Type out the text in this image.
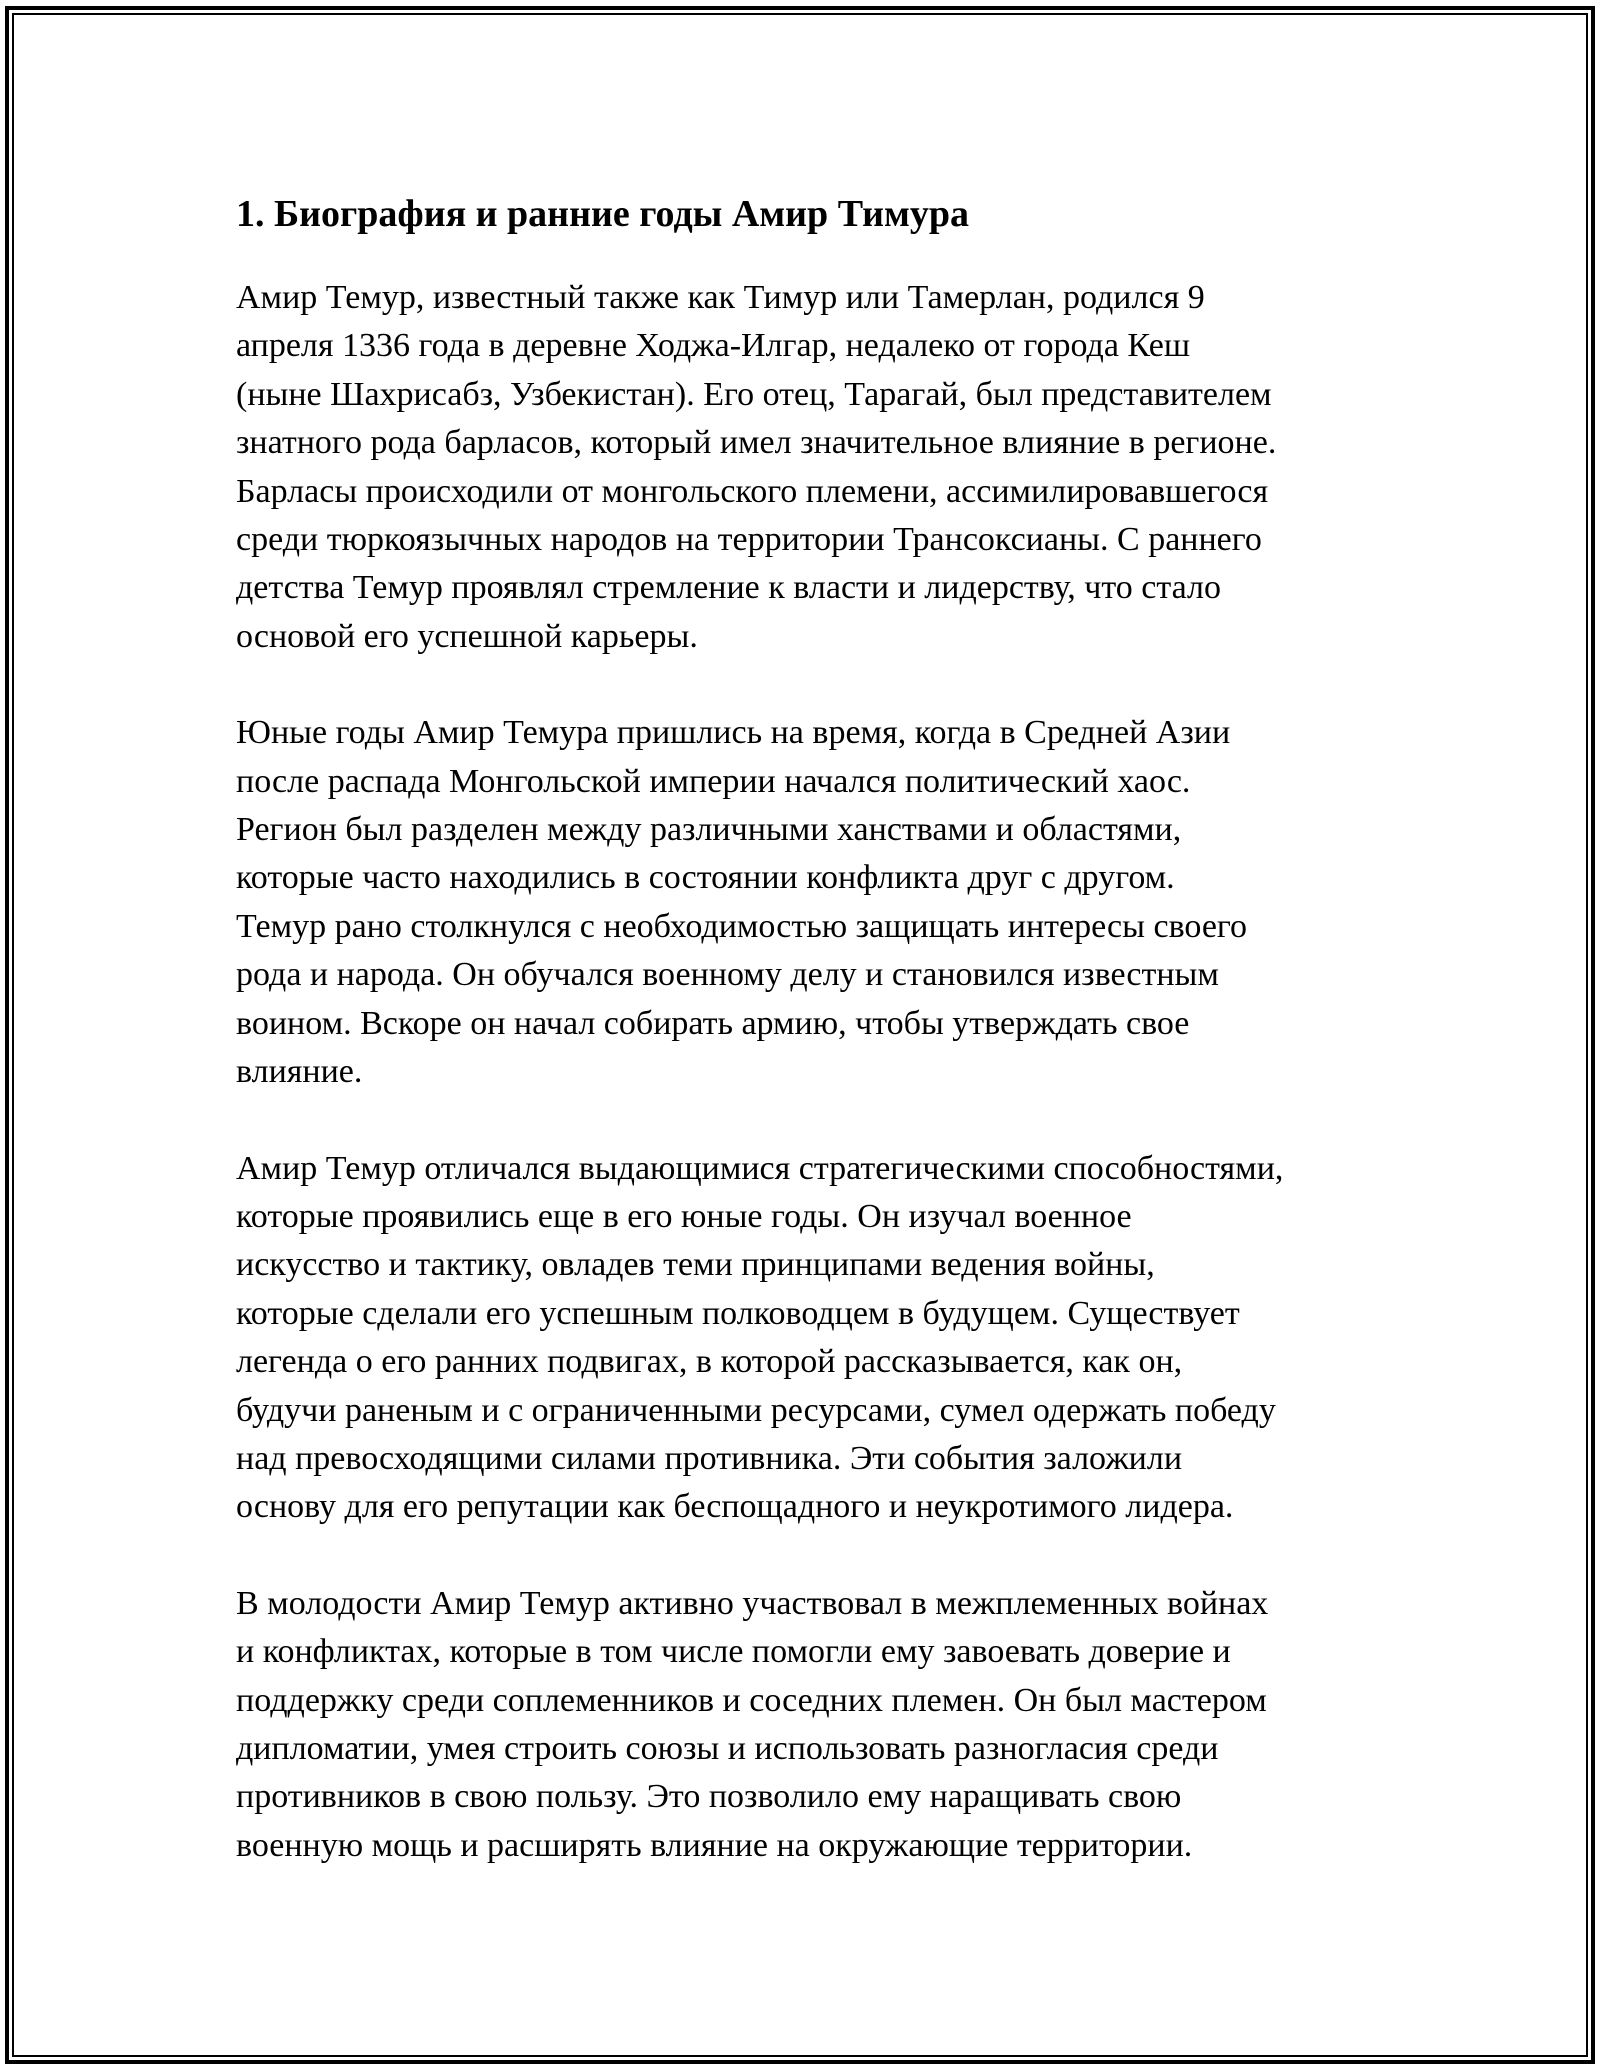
1. Биография и ранние годы Амир Тимура

Амир Темур, известный также как Тимур или Тамерлан, родился 9
апреля 1336 года в деревне Ходжа-Илгар, недалеко от города Кеш
(ныне Шахрисабз, Узбекистан). Его отец, Тарагай, был представителем
знатного рода барласов, который имел значительное влияние в регионе.
Барласы происходили от монгольского племени, ассимилировавшегося
среди тюркоязычных народов на территории Трансоксианы. С раннего
детства Темур проявлял стремление к власти и лидерству, что стало
основой его успешной карьеры.

Юные годы Амир Темура пришлись на время, когда в Средней Азии
после распада Монгольской империи начался политический хаос.
Регион был разделен между различными ханствами и областями,
которые часто находились в состоянии конфликта друг с другом.
Темур рано столкнулся с необходимостью защищать интересы своего
рода и народа. Он обучался военному делу и становился известным
воином. Вскоре он начал собирать армию, чтобы утверждать свое
влияние.

Амир Темур отличался выдающимися стратегическими способностями,
которые проявились еще в его юные годы. Он изучал военное
искусство и тактику, овладев теми принципами ведения войны,
которые сделали его успешным полководцем в будущем. Существует
легенда о его ранних подвигах, в которой рассказывается, как он,
будучи раненым и с ограниченными ресурсами, сумел одержать победу
над превосходящими силами противника. Эти события заложили
основу для его репутации как беспощадного и неукротимого лидера.

В молодости Амир Темур активно участвовал в межплеменных войнах
и конфликтах, которые в том числе помогли ему завоевать доверие и
поддержку среди соплеменников и соседних племен. Он был мастером
дипломатии, умея строить союзы и использовать разногласия среди
противников в свою пользу. Это позволило ему наращивать свою
военную мощь и расширять влияние на окружающие территории.
